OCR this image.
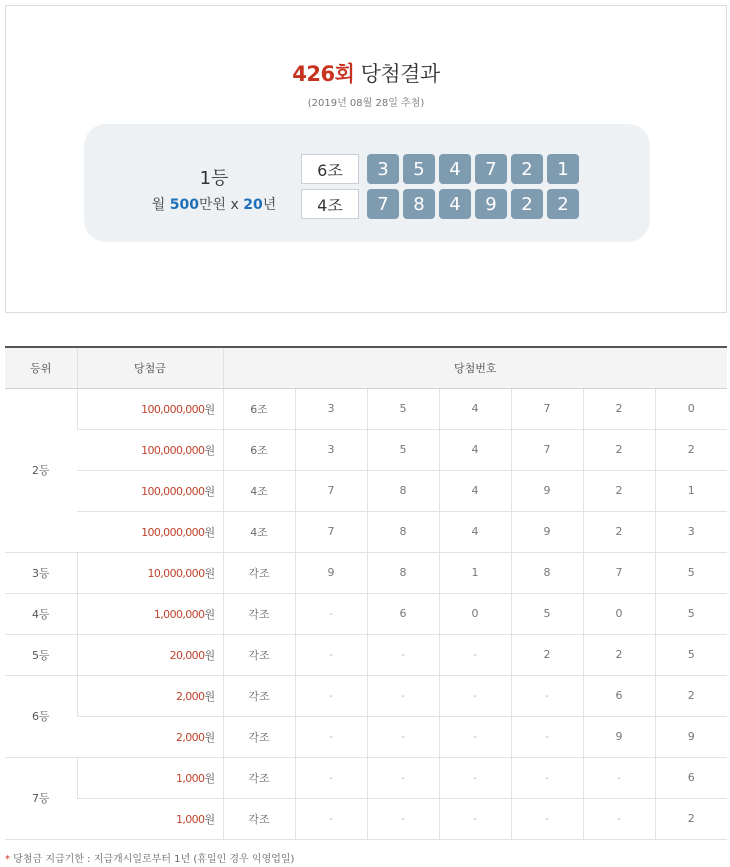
426회 당첨결과
(2019년 08월 28일 추첨)
1등
월 500만원 x 20년
6조	3	5	4	7	2	1
4조	7	8	4	9	2	2
등위	당첨금	당첨번호						
2등	100,000,000원	6조	3	5	4	7	2	0
	100,000,000원	6조	3	5	4	7	2	2
	100,000,000원	4조	7	8	4	9	2	1
	100,000,000원	4조	7	8	4	9	2	3
3등	10,000,000원	각조	9	8	1	8	7	5
4등	1,000,000원	각조	-	6	0	5	0	5
5등	20,000원	각조	-	-	-	2	2	5
6등	2,000원	각조	-	-	-	-	6	2
	2,000원	각조	-	-	-	-	9	9
7등	1,000원	각조	-	-	-	-	-	6
	1,000원	각조	-	-	-	-	-	2
* 당첨금 지급기한 : 지급개시일로부터 1년 (휴일인 경우 익영업일)
